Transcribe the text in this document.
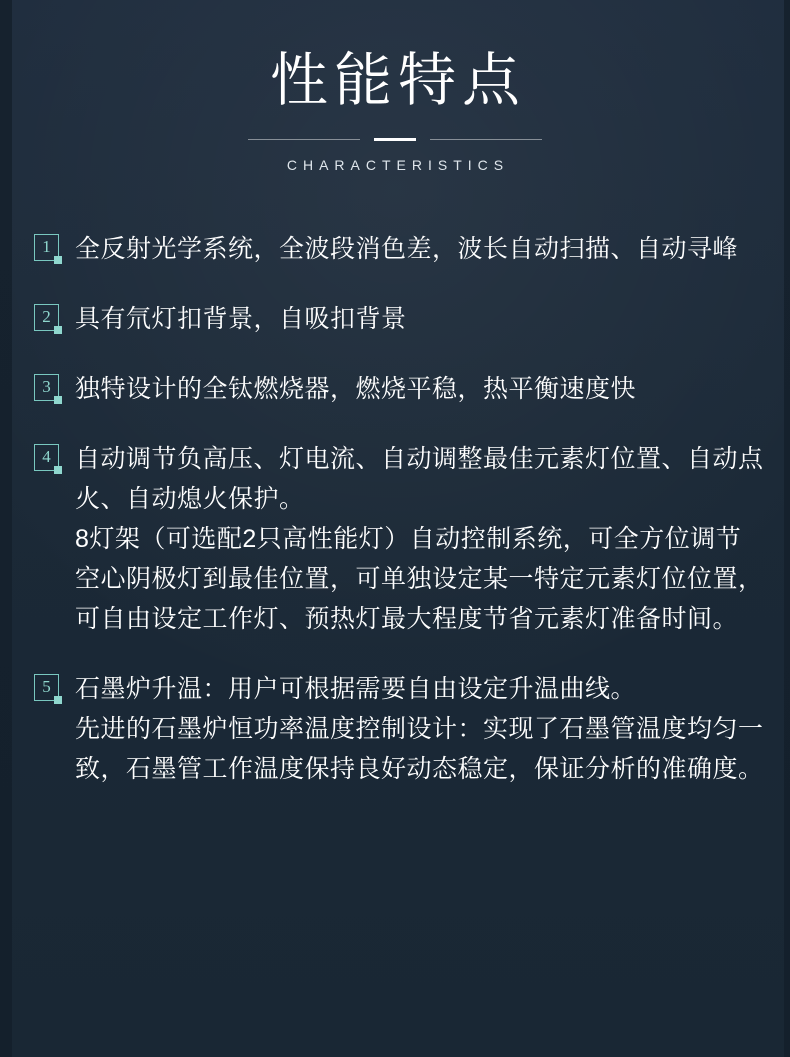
性能特点
CHARACTERISTICS
1 全反射光学系统，全波段消色差，波长自动扫描、自动寻峰

2 具有氘灯扣背景，自吸扣背景

3 独特设计的全钛燃烧器，燃烧平稳，热平衡速度快

4 自动调节负高压、灯电流、自动调整最佳元素灯位置、自动点火、自动熄火保护。

8灯架（可选配2只高性能灯）自动控制系统，可全方位调节空心阴极灯到最佳位置，可单独设定某一特定元素灯位位置，可自由设定工作灯、预热灯最大程度节省元素灯准备时间。

5 石墨炉升温：用户可根据需要自由设定升温曲线。

先进的石墨炉恒功率温度控制设计：实现了石墨管温度均匀一致，石墨管工作温度保持良好动态稳定，保证分析的准确度。
